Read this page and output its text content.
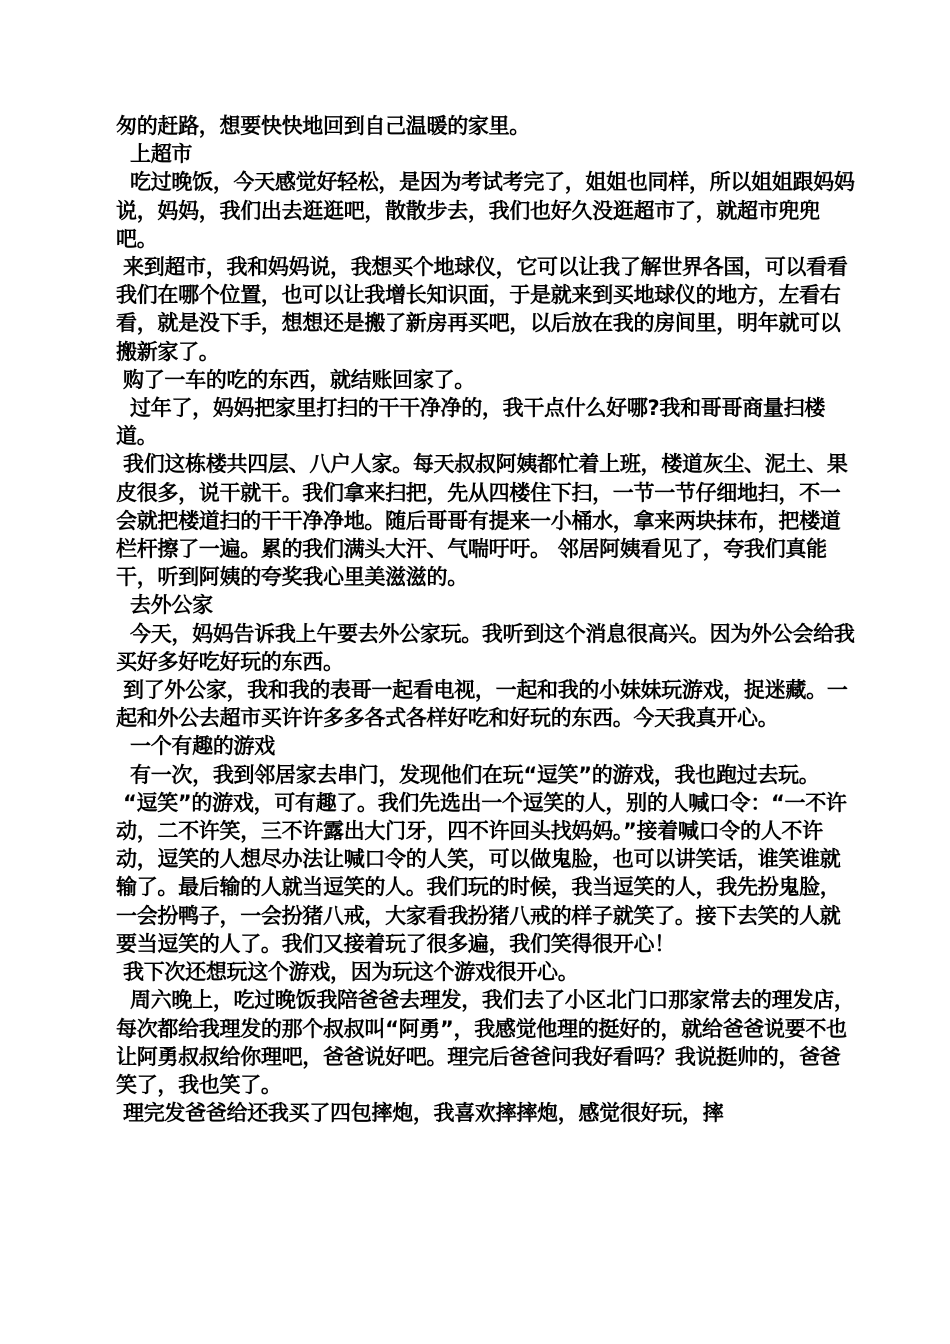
匆的赶路，想要快快地回到自己温暖的家里。

上超市

吃过晚饭，今天感觉好轻松，是因为考试考完了，姐姐也同样，所以姐姐跟妈妈说，妈妈，我们出去逛逛吧，散散步去，我们也好久没逛超市了，就超市兜兜吧。

来到超市，我和妈妈说，我想买个地球仪，它可以让我了解世界各国，可以看看我们在哪个位置，也可以让我增长知识面，于是就来到买地球仪的地方，左看右看，就是没下手，想想还是搬了新房再买吧，以后放在我的房间里，明年就可以搬新家了。

购了一车的吃的东西，就结账回家了。

过年了，妈妈把家里打扫的干干净净的，我干点什么好哪?我和哥哥商量扫楼道。

我们这栋楼共四层、八户人家。每天叔叔阿姨都忙着上班，楼道灰尘、泥土、果皮很多，说干就干。我们拿来扫把，先从四楼住下扫，一节一节仔细地扫，不一会就把楼道扫的干干净净地。随后哥哥有提来一小桶水，拿来两块抹布，把楼道栏杆擦了一遍。累的我们满头大汗、气喘吁吁。 邻居阿姨看见了，夸我们真能干，听到阿姨的夸奖我心里美滋滋的。

去外公家

今天，妈妈告诉我上午要去外公家玩。我听到这个消息很高兴。因为外公会给我买好多好吃好玩的东西。

到了外公家，我和我的表哥一起看电视，一起和我的小妹妹玩游戏，捉迷藏。一起和外公去超市买许许多多各式各样好吃和好玩的东西。今天我真开心。

一个有趣的游戏

有一次，我到邻居家去串门，发现他们在玩“逗笑”的游戏，我也跑过去玩。

“逗笑”的游戏，可有趣了。我们先选出一个逗笑的人，别的人喊口令：“一不许动，二不许笑，三不许露出大门牙，四不许回头找妈妈。”接着喊口令的人不许动，逗笑的人想尽办法让喊口令的人笑，可以做鬼脸，也可以讲笑话，谁笑谁就输了。最后输的人就当逗笑的人。我们玩的时候，我当逗笑的人，我先扮鬼脸，一会扮鸭子，一会扮猪八戒，大家看我扮猪八戒的样子就笑了。接下去笑的人就要当逗笑的人了。我们又接着玩了很多遍，我们笑得很开心！

我下次还想玩这个游戏，因为玩这个游戏很开心。

周六晚上，吃过晚饭我陪爸爸去理发，我们去了小区北门口那家常去的理发店，每次都给我理发的那个叔叔叫“阿勇”，我感觉他理的挺好的，就给爸爸说要不也让阿勇叔叔给你理吧，爸爸说好吧。理完后爸爸问我好看吗？我说挺帅的，爸爸笑了，我也笑了。

理完发爸爸给还我买了四包摔炮，我喜欢摔摔炮，感觉很好玩，摔
